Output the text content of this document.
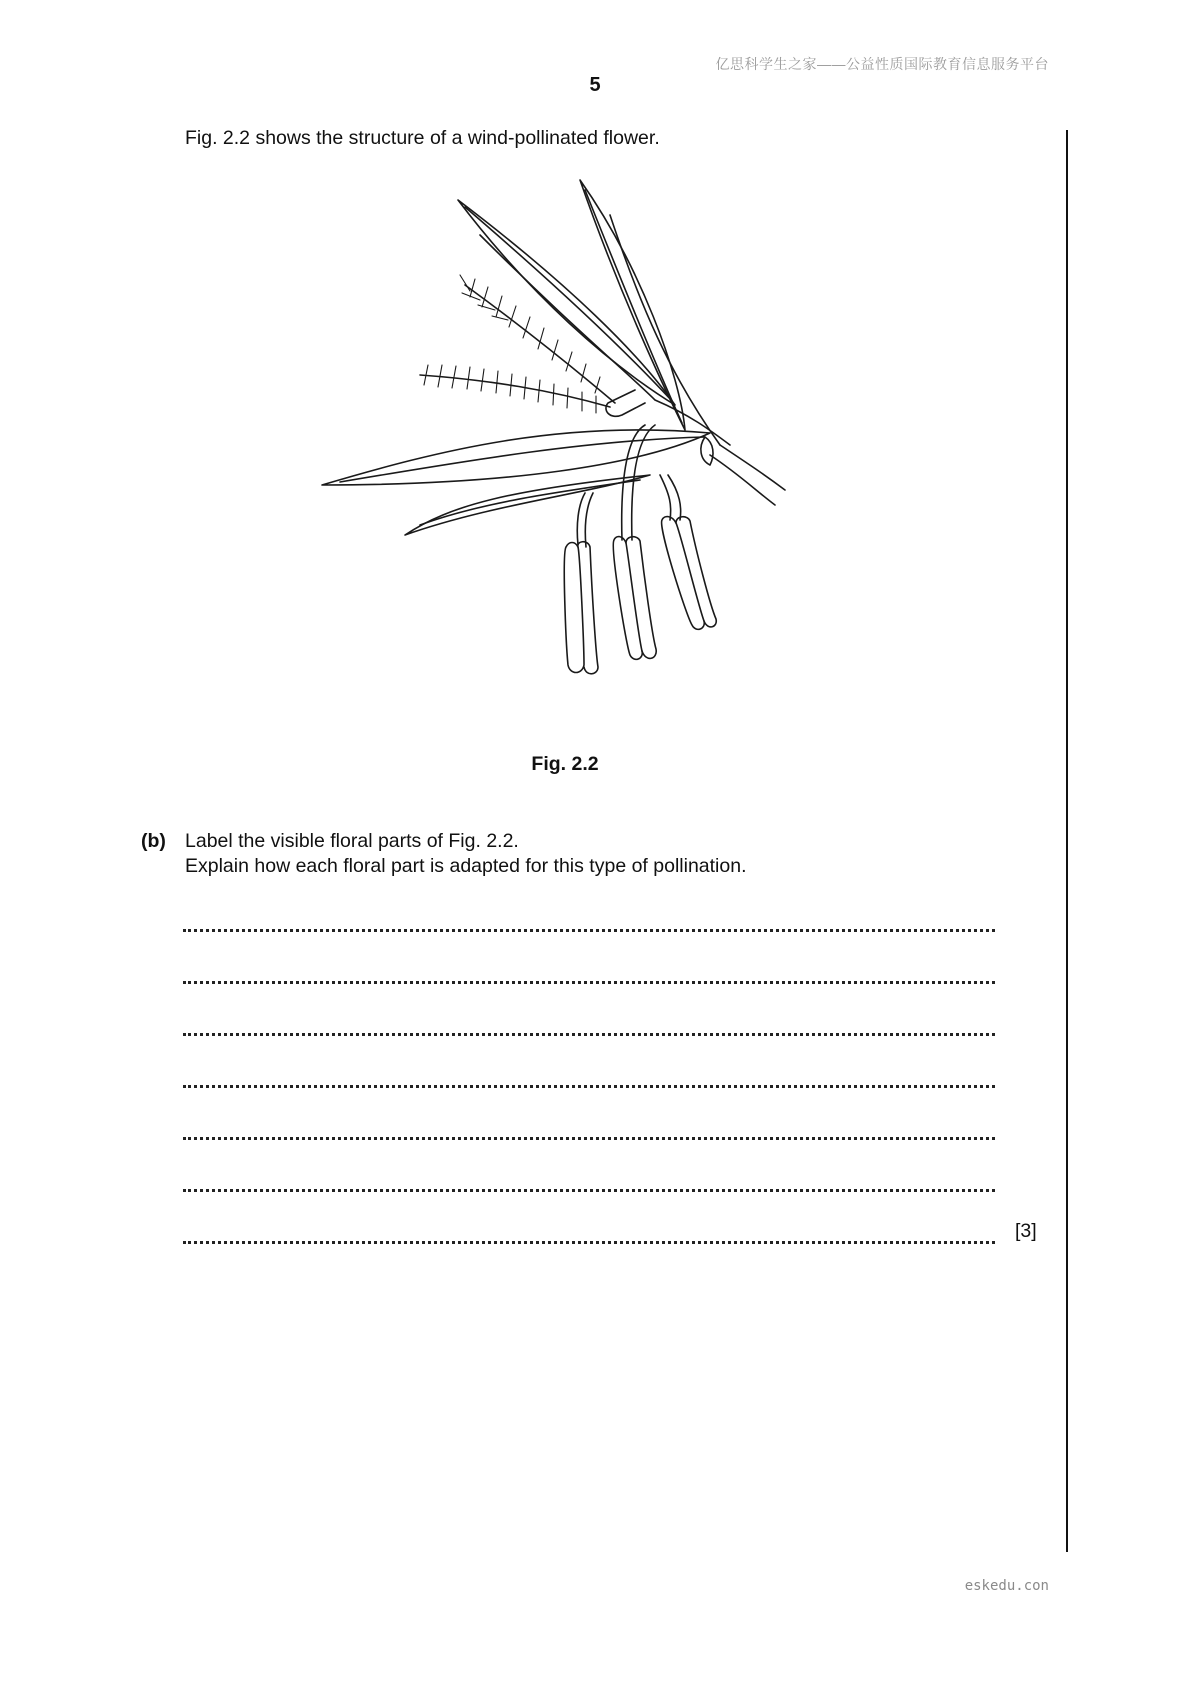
亿思科学生之家——公益性质国际教育信息服务平台
5
Fig. 2.2 shows the structure of a wind-pollinated flower.
Fig. 2.2
(b) Label the visible floral parts of Fig. 2.2.
Explain how each floral part is adapted for this type of pollination.
[3]
eskedu.con
